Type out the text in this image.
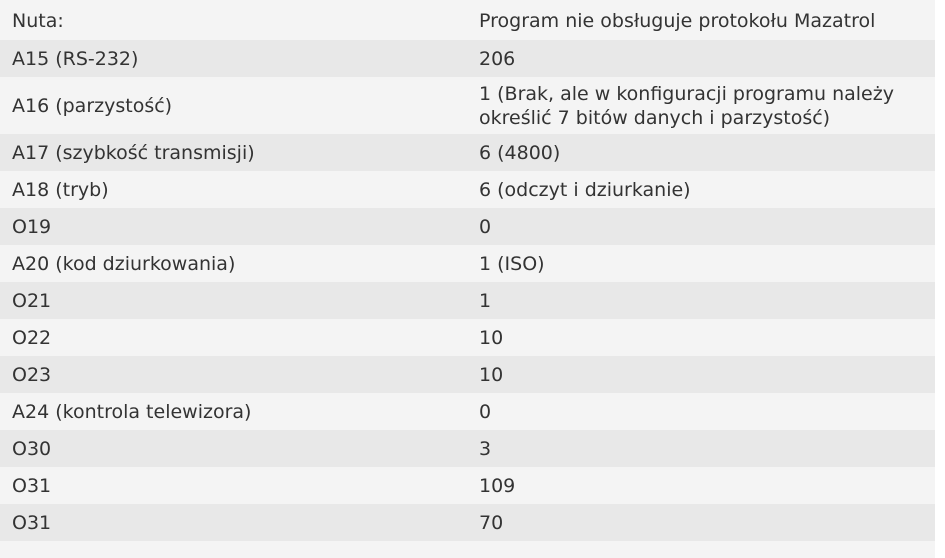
Nuta:	Program nie obsługuje protokołu Mazatrol
A15 (RS-232)	206
A16 (parzystość)	1 (Brak, ale w konfiguracji programu należy określić 7 bitów danych i parzystość)
A17 (szybkość transmisji)	6 (4800)
A18 (tryb)	6 (odczyt i dziurkanie)
O19	0
A20 (kod dziurkowania)	1 (ISO)
O21	1
O22	10
O23	10
A24 (kontrola telewizora)	0
O30	3
O31	109
O31	70
